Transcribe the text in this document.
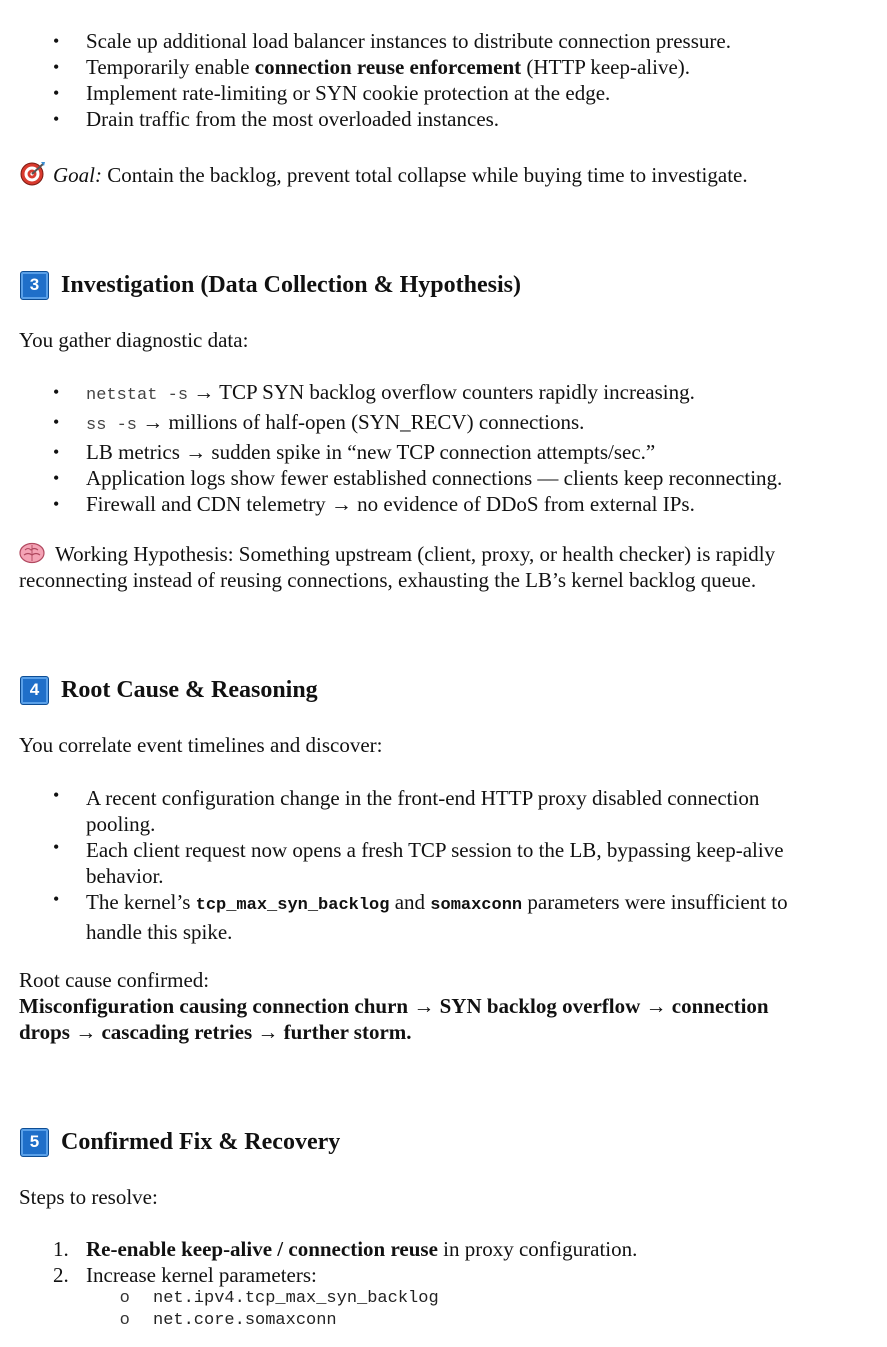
• Scale up additional load balancer instances to distribute connection pressure.
• Temporarily enable connection reuse enforcement (HTTP keep-alive).
• Implement rate-limiting or SYN cookie protection at the edge.
• Drain traffic from the most overloaded instances.
Goal: Contain the backlog, prevent total collapse while buying time to investigate.
3 Investigation (Data Collection & Hypothesis)
You gather diagnostic data:
• netstat -s → TCP SYN backlog overflow counters rapidly increasing.
• ss -s → millions of half-open (SYN_RECV) connections.
• LB metrics → sudden spike in “new TCP connection attempts/sec.”
• Application logs show fewer established connections — clients keep reconnecting.
• Firewall and CDN telemetry → no evidence of DDoS from external IPs.
Working Hypothesis: Something upstream (client, proxy, or health checker) is rapidly
reconnecting instead of reusing connections, exhausting the LB’s kernel backlog queue.
4 Root Cause & Reasoning
You correlate event timelines and discover:
• A recent configuration change in the front-end HTTP proxy disabled connection
pooling.
• Each client request now opens a fresh TCP session to the LB, bypassing keep-alive
behavior.
• The kernel’s tcp_max_syn_backlog and somaxconn parameters were insufficient to
handle this spike.
Root cause confirmed:
Misconfiguration causing connection churn → SYN backlog overflow → connection
drops → cascading retries → further storm.
5 Confirmed Fix & Recovery
Steps to resolve:
1. Re-enable keep-alive / connection reuse in proxy configuration.
2. Increase kernel parameters:
o net.ipv4.tcp_max_syn_backlog
o net.core.somaxconn
